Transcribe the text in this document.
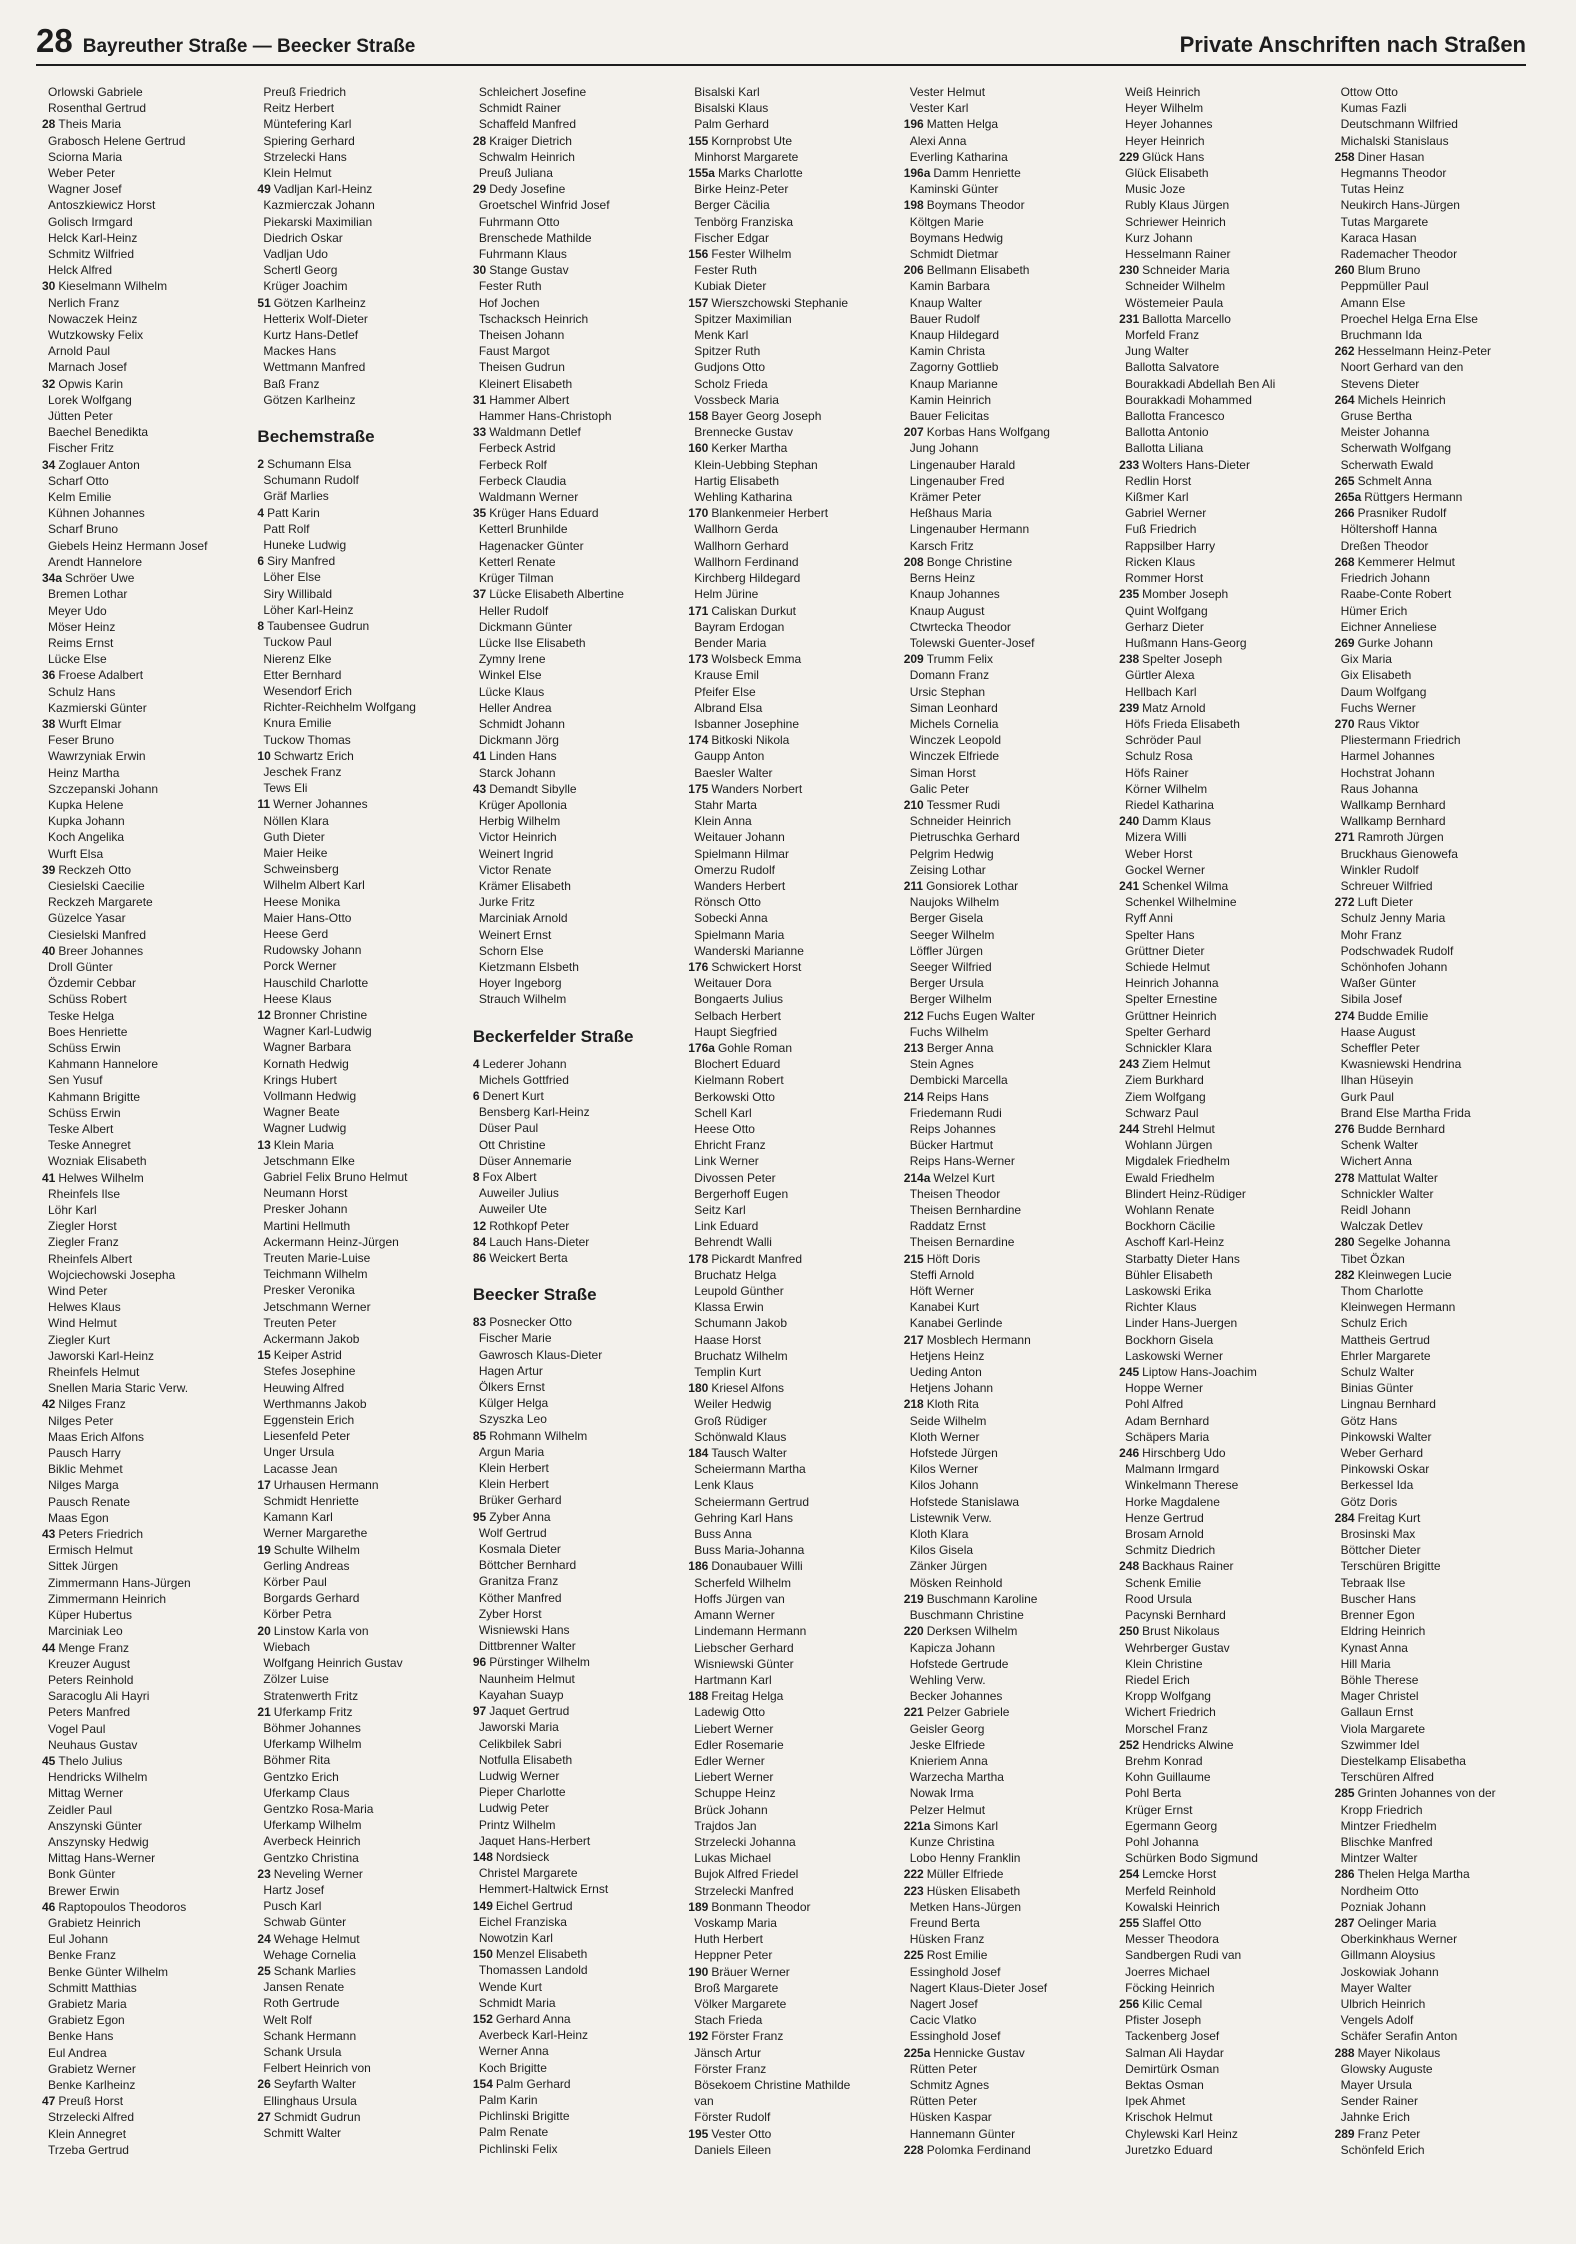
28 Bayreuther Straße — Beecker Straße	Private Anschriften nach Straßen
Orlowski Gabriele
Rosenthal Gertrud
28 Theis Maria
Grabosch Helene Gertrud
Sciorna Maria
Weber Peter
Wagner Josef
Antoszkiewicz Horst
Golisch Irmgard
Helck Karl-Heinz
Schmitz Wilfried
Helck Alfred
30 Kieselmann Wilhelm
Nerlich Franz
Nowaczek Heinz
Wutzkowsky Felix
Arnold Paul
Marnach Josef
32 Opwis Karin
Lorek Wolfgang
Jütten Peter
Baechel Benedikta
Fischer Fritz
34 Zoglauer Anton
Scharf Otto
Kelm Emilie
Kühnen Johannes
Scharf Bruno
Giebels Heinz Hermann Josef
Arendt Hannelore
34a Schröer Uwe
Bremen Lothar
Meyer Udo
Möser Heinz
Reims Ernst
Lücke Else
36 Froese Adalbert
Schulz Hans
Kazmierski Günter
38 Wurft Elmar
Feser Bruno
Wawrzyniak Erwin
Heinz Martha
Szczepanski Johann
Kupka Helene
Kupka Johann
Koch Angelika
Wurft Elsa
39 Reckzeh Otto
Ciesielski Caecilie
Reckzeh Margarete
Güzelce Yasar
Ciesielski Manfred
40 Breer Johannes
Droll Günter
Özdemir Cebbar
Schüss Robert
Teske Helga
Boes Henriette
Schüss Erwin
Kahmann Hannelore
Sen Yusuf
Kahmann Brigitte
Schüss Erwin
Teske Albert
Teske Annegret
Wozniak Elisabeth
41 Helwes Wilhelm
Rheinfels Ilse
Löhr Karl
Ziegler Horst
Ziegler Franz
Rheinfels Albert
Wojciechowski Josepha
Wind Peter
Helwes Klaus
Wind Helmut
Ziegler Kurt
Jaworski Karl-Heinz
Rheinfels Helmut
Snellen Maria Staric Verw.
42 Nilges Franz
Nilges Peter
Maas Erich Alfons
Pausch Harry
Biklic Mehmet
Nilges Marga
Pausch Renate
Maas Egon
43 Peters Friedrich
Ermisch Helmut
Sittek Jürgen
Zimmermann Hans-Jürgen
Zimmermann Heinrich
Küper Hubertus
Marciniak Leo
44 Menge Franz
Kreuzer August
Peters Reinhold
Saracoglu Ali Hayri
Peters Manfred
Vogel Paul
Neuhaus Gustav
45 Thelo Julius
Hendricks Wilhelm
Mittag Werner
Zeidler Paul
Anszynski Günter
Anszynsky Hedwig
Mittag Hans-Werner
Bonk Günter
Brewer Erwin
46 Raptopoulos Theodoros
Grabietz Heinrich
Eul Johann
Benke Franz
Benke Günter Wilhelm
Schmitt Matthias
Grabietz Maria
Grabietz Egon
Benke Hans
Eul Andrea
Grabietz Werner
Benke Karlheinz
47 Preuß Horst
Strzelecki Alfred
Klein Annegret
Trzeba Gertrud
Preuß Friedrich
Reitz Herbert
Müntefering Karl
Spiering Gerhard
Strzelecki Hans
Klein Helmut
49 Vadljan Karl-Heinz
Kazmierczak Johann
Piekarski Maximilian
Diedrich Oskar
Vadljan Udo
Schertl Georg
Krüger Joachim
51 Götzen Karlheinz
Hetterix Wolf-Dieter
Kurtz Hans-Detlef
Mackes Hans
Wettmann Manfred
Baß Franz
Götzen Karlheinz
Bechemstraße
2 Schumann Elsa
Schumann Rudolf
Gräf Marlies
4 Patt Karin
Patt Rolf
Huneke Ludwig
6 Siry Manfred
Löher Else
Siry Willibald
Löher Karl-Heinz
8 Taubensee Gudrun
Tuckow Paul
Nierenz Elke
Etter Bernhard
Wesendorf Erich
Richter-Reichhelm Wolfgang
Knura Emilie
Tuckow Thomas
10 Schwartz Erich
Jeschek Franz
Tews Eli
11 Werner Johannes
Nöllen Klara
Guth Dieter
Maier Heike
Schweinsberg
Wilhelm Albert Karl
Heese Monika
Maier Hans-Otto
Heese Gerd
Rudowsky Johann
Porck Werner
Hauschild Charlotte
Heese Klaus
12 Bronner Christine
Wagner Karl-Ludwig
Wagner Barbara
Kornath Hedwig
Krings Hubert
Vollmann Hedwig
Wagner Beate
Wagner Ludwig
13 Klein Maria
Jetschmann Elke
Gabriel Felix Bruno Helmut
Neumann Horst
Presker Johann
Martini Hellmuth
Ackermann Heinz-Jürgen
Treuten Marie-Luise
Teichmann Wilhelm
Presker Veronika
Jetschmann Werner
Treuten Peter
Ackermann Jakob
15 Keiper Astrid
Stefes Josephine
Heuwing Alfred
Werthmanns Jakob
Eggenstein Erich
Liesenfeld Peter
Unger Ursula
Lacasse Jean
17 Urhausen Hermann
Schmidt Henriette
Kamann Karl
Werner Margarethe
19 Schulte Wilhelm
Gerling Andreas
Körber Paul
Borgards Gerhard
Körber Petra
20 Linstow Karla von
Wiebach
Wolfgang Heinrich Gustav
Zölzer Luise
Stratenwerth Fritz
21 Uferkamp Fritz
Böhmer Johannes
Uferkamp Wilhelm
Böhmer Rita
Gentzko Erich
Uferkamp Claus
Gentzko Rosa-Maria
Uferkamp Wilhelm
Averbeck Heinrich
Gentzko Christina
23 Neveling Werner
Hartz Josef
Pusch Karl
Schwab Günter
24 Wehage Helmut
Wehage Cornelia
25 Schank Marlies
Jansen Renate
Roth Gertrude
Welt Rolf
Schank Hermann
Schank Ursula
Felbert Heinrich von
26 Seyfarth Walter
Ellinghaus Ursula
27 Schmidt Gudrun
Schmitt Walter
Schleichert Josefine
Schmidt Rainer
Schaffeld Manfred
28 Kraiger Dietrich
Schwalm Heinrich
Preuß Juliana
29 Dedy Josefine
Groetschel Winfrid Josef
Fuhrmann Otto
Brenschede Mathilde
Fuhrmann Klaus
30 Stange Gustav
Fester Ruth
Hof Jochen
Tschacksch Heinrich
Theisen Johann
Faust Margot
Theisen Gudrun
Kleinert Elisabeth
31 Hammer Albert
Hammer Hans-Christoph
33 Waldmann Detlef
Ferbeck Astrid
Ferbeck Rolf
Ferbeck Claudia
Waldmann Werner
35 Krüger Hans Eduard
Ketterl Brunhilde
Hagenacker Günter
Ketterl Renate
Krüger Tilman
37 Lücke Elisabeth Albertine
Heller Rudolf
Dickmann Günter
Lücke Ilse Elisabeth
Zymny Irene
Winkel Else
Lücke Klaus
Heller Andrea
Schmidt Johann
Dickmann Jörg
41 Linden Hans
Starck Johann
43 Demandt Sibylle
Krüger Apollonia
Herbig Wilhelm
Victor Heinrich
Weinert Ingrid
Victor Renate
Krämer Elisabeth
Jurke Fritz
Marciniak Arnold
Weinert Ernst
Schorn Else
Kietzmann Elsbeth
Hoyer Ingeborg
Strauch Wilhelm
Beckerfelder Straße
4 Lederer Johann
Michels Gottfried
6 Denert Kurt
Bensberg Karl-Heinz
Düser Paul
Ott Christine
Düser Annemarie
8 Fox Albert
Auweiler Julius
Auweiler Ute
12 Rothkopf Peter
84 Lauch Hans-Dieter
86 Weickert Berta
Beecker Straße
83 Posnecker Otto
Fischer Marie
Gawrosch Klaus-Dieter
Hagen Artur
Ölkers Ernst
Külger Helga
Szyszka Leo
85 Rohmann Wilhelm
Argun Maria
Klein Herbert
Klein Herbert
Brüker Gerhard
95 Zyber Anna
Wolf Gertrud
Kosmala Dieter
Böttcher Bernhard
Granitza Franz
Köther Manfred
Zyber Horst
Wisniewski Hans
Dittbrenner Walter
96 Pürstinger Wilhelm
Naunheim Helmut
Kayahan Suayp
97 Jaquet Gertrud
Jaworski Maria
Celikbilek Sabri
Notfulla Elisabeth
Ludwig Werner
Pieper Charlotte
Ludwig Peter
Printz Wilhelm
Jaquet Hans-Herbert
148 Nordsieck
Christel Margarete
Hemmert-Haltwick Ernst
149 Eichel Gertrud
Eichel Franziska
Nowotzin Karl
150 Menzel Elisabeth
Thomassen Landold
Wende Kurt
Schmidt Maria
152 Gerhard Anna
Averbeck Karl-Heinz
Werner Anna
Koch Brigitte
154 Palm Gerhard
Palm Karin
Pichlinski Brigitte
Palm Renate
Pichlinski Felix
Bisalski Karl
Bisalski Klaus
Palm Gerhard
155 Kornprobst Ute
Minhorst Margarete
155a Marks Charlotte
Birke Heinz-Peter
Berger Cäcilia
Tenbörg Franziska
Fischer Edgar
156 Fester Wilhelm
Fester Ruth
Kubiak Dieter
157 Wierszchowski Stephanie
Spitzer Maximilian
Menk Karl
Spitzer Ruth
Gudjons Otto
Scholz Frieda
Vossbeck Maria
158 Bayer Georg Joseph
Brennecke Gustav
160 Kerker Martha
Klein-Uebbing Stephan
Hartig Elisabeth
Wehling Katharina
170 Blankenmeier Herbert
Wallhorn Gerda
Wallhorn Gerhard
Wallhorn Ferdinand
Kirchberg Hildegard
Helm Jürine
171 Caliskan Durkut
Bayram Erdogan
Bender Maria
173 Wolsbeck Emma
Krause Emil
Pfeifer Else
Albrand Elsa
Isbanner Josephine
174 Bitkoski Nikola
Gaupp Anton
Baesler Walter
175 Wanders Norbert
Stahr Marta
Klein Anna
Weitauer Johann
Spielmann Hilmar
Omerzu Rudolf
Wanders Herbert
Rönsch Otto
Sobecki Anna
Spielmann Maria
Wanderski Marianne
176 Schwickert Horst
Weitauer Dora
Bongaerts Julius
Selbach Herbert
Haupt Siegfried
176a Gohle Roman
Blochert Eduard
Kielmann Robert
Berkowski Otto
Schell Karl
Heese Otto
Ehricht Franz
Link Werner
Divossen Peter
Bergerhoff Eugen
Seitz Karl
Link Eduard
Behrendt Walli
178 Pickardt Manfred
Bruchatz Helga
Leupold Günther
Klassa Erwin
Schumann Jakob
Haase Horst
Bruchatz Wilhelm
Templin Kurt
180 Kriesel Alfons
Weiler Hedwig
Groß Rüdiger
Schönwald Klaus
184 Tausch Walter
Scheiermann Martha
Lenk Klaus
Scheiermann Gertrud
Gehring Karl Hans
Buss Anna
Buss Maria-Johanna
186 Donaubauer Willi
Scherfeld Wilhelm
Hoffs Jürgen van
Amann Werner
Lindemann Hermann
Liebscher Gerhard
Wisniewski Günter
Hartmann Karl
188 Freitag Helga
Ladewig Otto
Liebert Werner
Edler Rosemarie
Edler Werner
Liebert Werner
Schuppe Heinz
Brück Johann
Trajdos Jan
Strzelecki Johanna
Lukas Michael
Bujok Alfred Friedel
Strzelecki Manfred
189 Bonmann Theodor
Voskamp Maria
Huth Herbert
Heppner Peter
190 Bräuer Werner
Broß Margarete
Völker Margarete
Stach Frieda
192 Förster Franz
Jänsch Artur
Förster Franz
Bösekoem Christine Mathilde
van
Förster Rudolf
195 Vester Otto
Daniels Eileen
Vester Helmut
Vester Karl
196 Matten Helga
Alexi Anna
Everling Katharina
196a Damm Henriette
Kaminski Günter
198 Boymans Theodor
Költgen Marie
Boymans Hedwig
Schmidt Dietmar
206 Bellmann Elisabeth
Kamin Barbara
Knaup Walter
Bauer Rudolf
Knaup Hildegard
Kamin Christa
Zagorny Gottlieb
Knaup Marianne
Kamin Heinrich
Bauer Felicitas
207 Korbas Hans Wolfgang
Jung Johann
Lingenauber Harald
Lingenauber Fred
Krämer Peter
Heßhaus Maria
Lingenauber Hermann
Karsch Fritz
208 Bonge Christine
Berns Heinz
Knaup Johannes
Knaup August
Ctwrtecka Theodor
Tolewski Guenter-Josef
209 Trumm Felix
Domann Franz
Ursic Stephan
Siman Leonhard
Michels Cornelia
Winczek Leopold
Winczek Elfriede
Siman Horst
Galic Peter
210 Tessmer Rudi
Schneider Heinrich
Pietruschka Gerhard
Pelgrim Hedwig
Zeising Lothar
211 Gonsiorek Lothar
Naujoks Wilhelm
Berger Gisela
Seeger Wilhelm
Löffler Jürgen
Seeger Wilfried
Berger Ursula
Berger Wilhelm
212 Fuchs Eugen Walter
Fuchs Wilhelm
213 Berger Anna
Stein Agnes
Dembicki Marcella
214 Reips Hans
Friedemann Rudi
Reips Johannes
Bücker Hartmut
Reips Hans-Werner
214a Welzel Kurt
Theisen Theodor
Theisen Bernhardine
Raddatz Ernst
Theisen Bernardine
215 Höft Doris
Steffi Arnold
Höft Werner
Kanabei Kurt
Kanabei Gerlinde
217 Mosblech Hermann
Hetjens Heinz
Ueding Anton
Hetjens Johann
218 Kloth Rita
Seide Wilhelm
Kloth Werner
Hofstede Jürgen
Kilos Werner
Kilos Johann
Hofstede Stanislawa
Listewnik Verw.
Kloth Klara
Kilos Gisela
Zänker Jürgen
Mösken Reinhold
219 Buschmann Karoline
Buschmann Christine
220 Derksen Wilhelm
Kapicza Johann
Hofstede Gertrude
Wehling Verw.
Becker Johannes
221 Pelzer Gabriele
Geisler Georg
Jeske Elfriede
Knieriem Anna
Warzecha Martha
Nowak Irma
Pelzer Helmut
221a Simons Karl
Kunze Christina
Lobo Henny Franklin
222 Müller Elfriede
223 Hüsken Elisabeth
Metken Hans-Jürgen
Freund Berta
Hüsken Franz
225 Rost Emilie
Essinghold Josef
Nagert Klaus-Dieter Josef
Nagert Josef
Cacic Vlatko
Essinghold Josef
225a Hennicke Gustav
Rütten Peter
Schmitz Agnes
Rütten Peter
Hüsken Kaspar
Hannemann Günter
228 Polomka Ferdinand
Weiß Heinrich
Heyer Wilhelm
Heyer Johannes
Heyer Heinrich
229 Glück Hans
Glück Elisabeth
Music Joze
Rubly Klaus Jürgen
Schriewer Heinrich
Kurz Johann
Hesselmann Rainer
230 Schneider Maria
Schneider Wilhelm
Wöstemeier Paula
231 Ballotta Marcello
Morfeld Franz
Jung Walter
Ballotta Salvatore
Bourakkadi Abdellah Ben Ali
Bourakkadi Mohammed
Ballotta Francesco
Ballotta Antonio
Ballotta Liliana
233 Wolters Hans-Dieter
Redlin Horst
Kißmer Karl
Gabriel Werner
Fuß Friedrich
Rappsilber Harry
Ricken Klaus
Rommer Horst
235 Momber Joseph
Quint Wolfgang
Gerharz Dieter
Hußmann Hans-Georg
238 Spelter Joseph
Gürtler Alexa
Hellbach Karl
239 Matz Arnold
Höfs Frieda Elisabeth
Schröder Paul
Schulz Rosa
Höfs Rainer
Körner Wilhelm
Riedel Katharina
240 Damm Klaus
Mizera Willi
Weber Horst
Gockel Werner
241 Schenkel Wilma
Schenkel Wilhelmine
Ryff Anni
Spelter Hans
Grüttner Dieter
Schiede Helmut
Heinrich Johanna
Spelter Ernestine
Grüttner Heinrich
Spelter Gerhard
Schnickler Klara
243 Ziem Helmut
Ziem Burkhard
Ziem Wolfgang
Schwarz Paul
244 Strehl Helmut
Wohlann Jürgen
Migdalek Friedhelm
Ewald Friedhelm
Blindert Heinz-Rüdiger
Wohlann Renate
Bockhorn Cäcilie
Aschoff Karl-Heinz
Starbatty Dieter Hans
Bühler Elisabeth
Laskowski Erika
Richter Klaus
Linder Hans-Juergen
Bockhorn Gisela
Laskowski Werner
245 Liptow Hans-Joachim
Hoppe Werner
Pohl Alfred
Adam Bernhard
Schäpers Maria
246 Hirschberg Udo
Malmann Irmgard
Winkelmann Therese
Horke Magdalene
Henze Gertrud
Brosam Arnold
Schmitz Diedrich
248 Backhaus Rainer
Schenk Emilie
Rood Ursula
Pacynski Bernhard
250 Brust Nikolaus
Wehrberger Gustav
Klein Christine
Riedel Erich
Kropp Wolfgang
Wichert Friedrich
Morschel Franz
252 Hendricks Alwine
Brehm Konrad
Kohn Guillaume
Pohl Berta
Krüger Ernst
Egermann Georg
Pohl Johanna
Schürken Bodo Sigmund
254 Lemcke Horst
Merfeld Reinhold
Kowalski Heinrich
255 Slaffel Otto
Messer Theodora
Sandbergen Rudi van
Joerres Michael
Föcking Heinrich
256 Kilic Cemal
Pfister Joseph
Tackenberg Josef
Salman Ali Haydar
Demirtürk Osman
Bektas Osman
Ipek Ahmet
Krischok Helmut
Chylewski Karl Heinz
Juretzko Eduard
Ottow Otto
Kumas Fazli
Deutschmann Wilfried
Michalski Stanislaus
258 Diner Hasan
Hegmanns Theodor
Tutas Heinz
Neukirch Hans-Jürgen
Tutas Margarete
Karaca Hasan
Rademacher Theodor
260 Blum Bruno
Peppmüller Paul
Amann Else
Proechel Helga Erna Else
Bruchmann Ida
262 Hesselmann Heinz-Peter
Noort Gerhard van den
Stevens Dieter
264 Michels Heinrich
Gruse Bertha
Meister Johanna
Scherwath Wolfgang
Scherwath Ewald
265 Schmelt Anna
265a Rüttgers Hermann
266 Prasniker Rudolf
Höltershoff Hanna
Dreßen Theodor
268 Kemmerer Helmut
Friedrich Johann
Raabe-Conte Robert
Hümer Erich
Eichner Anneliese
269 Gurke Johann
Gix Maria
Gix Elisabeth
Daum Wolfgang
Fuchs Werner
270 Raus Viktor
Pliestermann Friedrich
Harmel Johannes
Hochstrat Johann
Raus Johanna
Wallkamp Bernhard
Wallkamp Bernhard
271 Ramroth Jürgen
Bruckhaus Gienowefa
Winkler Rudolf
Schreuer Wilfried
272 Luft Dieter
Schulz Jenny Maria
Mohr Franz
Podschwadek Rudolf
Schönhofen Johann
Waßer Günter
Sibila Josef
274 Budde Emilie
Haase August
Scheffler Peter
Kwasniewski Hendrina
Ilhan Hüseyin
Gurk Paul
Brand Else Martha Frida
276 Budde Bernhard
Schenk Walter
Wichert Anna
278 Mattulat Walter
Schnickler Walter
Reidl Johann
Walczak Detlev
280 Segelke Johanna
Tibet Özkan
282 Kleinwegen Lucie
Thom Charlotte
Kleinwegen Hermann
Schulz Erich
Mattheis Gertrud
Ehrler Margarete
Schulz Walter
Binias Günter
Lingnau Bernhard
Götz Hans
Pinkowski Walter
Weber Gerhard
Pinkowski Oskar
Berkessel Ida
Götz Doris
284 Freitag Kurt
Brosinski Max
Böttcher Dieter
Terschüren Brigitte
Tebraak Ilse
Buscher Hans
Brenner Egon
Eldring Heinrich
Kynast Anna
Hill Maria
Böhle Therese
Mager Christel
Gallaun Ernst
Viola Margarete
Szwimmer Idel
Diestelkamp Elisabetha
Terschüren Alfred
285 Grinten Johannes von der
Kropp Friedrich
Mintzer Friedhelm
Blischke Manfred
Mintzer Walter
286 Thelen Helga Martha
Nordheim Otto
Pozniak Johann
287 Oelinger Maria
Oberkinkhaus Werner
Gillmann Aloysius
Joskowiak Johann
Mayer Walter
Ulbrich Heinrich
Vengels Adolf
Schäfer Serafin Anton
288 Mayer Nikolaus
Glowsky Auguste
Mayer Ursula
Sender Rainer
Jahnke Erich
289 Franz Peter
Schönfeld Erich
